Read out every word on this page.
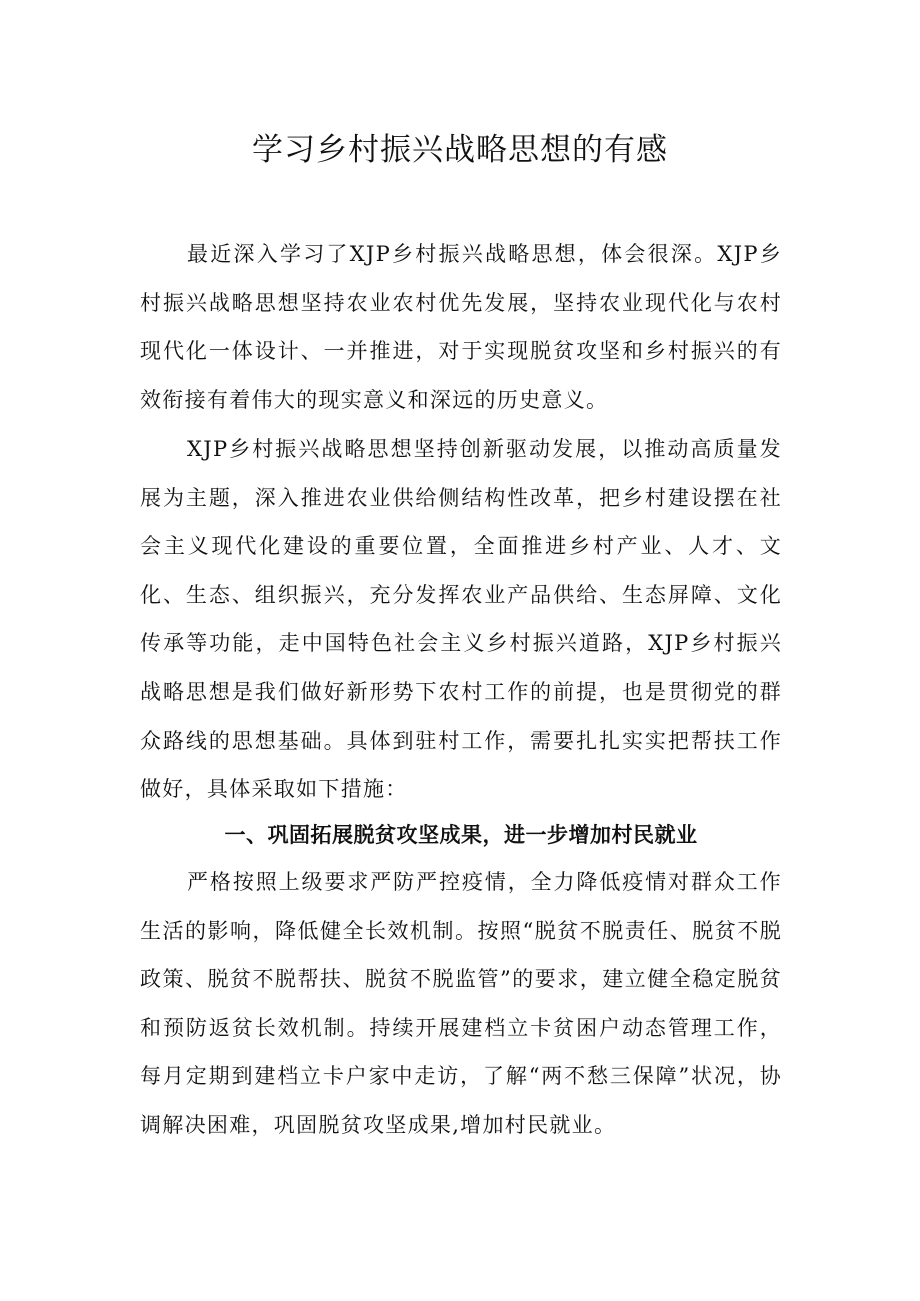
学习乡村振兴战略思想的有感

最近深入学习了XJP乡村振兴战略思想，体会很深。XJP乡村振兴战略思想坚持农业农村优先发展，坚持农业现代化与农村现代化一体设计、一并推进，对于实现脱贫攻坚和乡村振兴的有效衔接有着伟大的现实意义和深远的历史意义。

XJP乡村振兴战略思想坚持创新驱动发展，以推动高质量发展为主题，深入推进农业供给侧结构性改革，把乡村建设摆在社会主义现代化建设的重要位置，全面推进乡村产业、人才、文化、生态、组织振兴，充分发挥农业产品供给、生态屏障、文化传承等功能，走中国特色社会主义乡村振兴道路，XJP乡村振兴战略思想是我们做好新形势下农村工作的前提，也是贯彻党的群众路线的思想基础。具体到驻村工作，需要扎扎实实把帮扶工作做好，具体采取如下措施：

一、巩固拓展脱贫攻坚成果，进一步增加村民就业

严格按照上级要求严防严控疫情，全力降低疫情对群众工作生活的影响，降低健全长效机制。按照“脱贫不脱责任、脱贫不脱政策、脱贫不脱帮扶、脱贫不脱监管”的要求，建立健全稳定脱贫和预防返贫长效机制。持续开展建档立卡贫困户动态管理工作，每月定期到建档立卡户家中走访，了解“两不愁三保障”状况，协调解决困难，巩固脱贫攻坚成果,增加村民就业。
